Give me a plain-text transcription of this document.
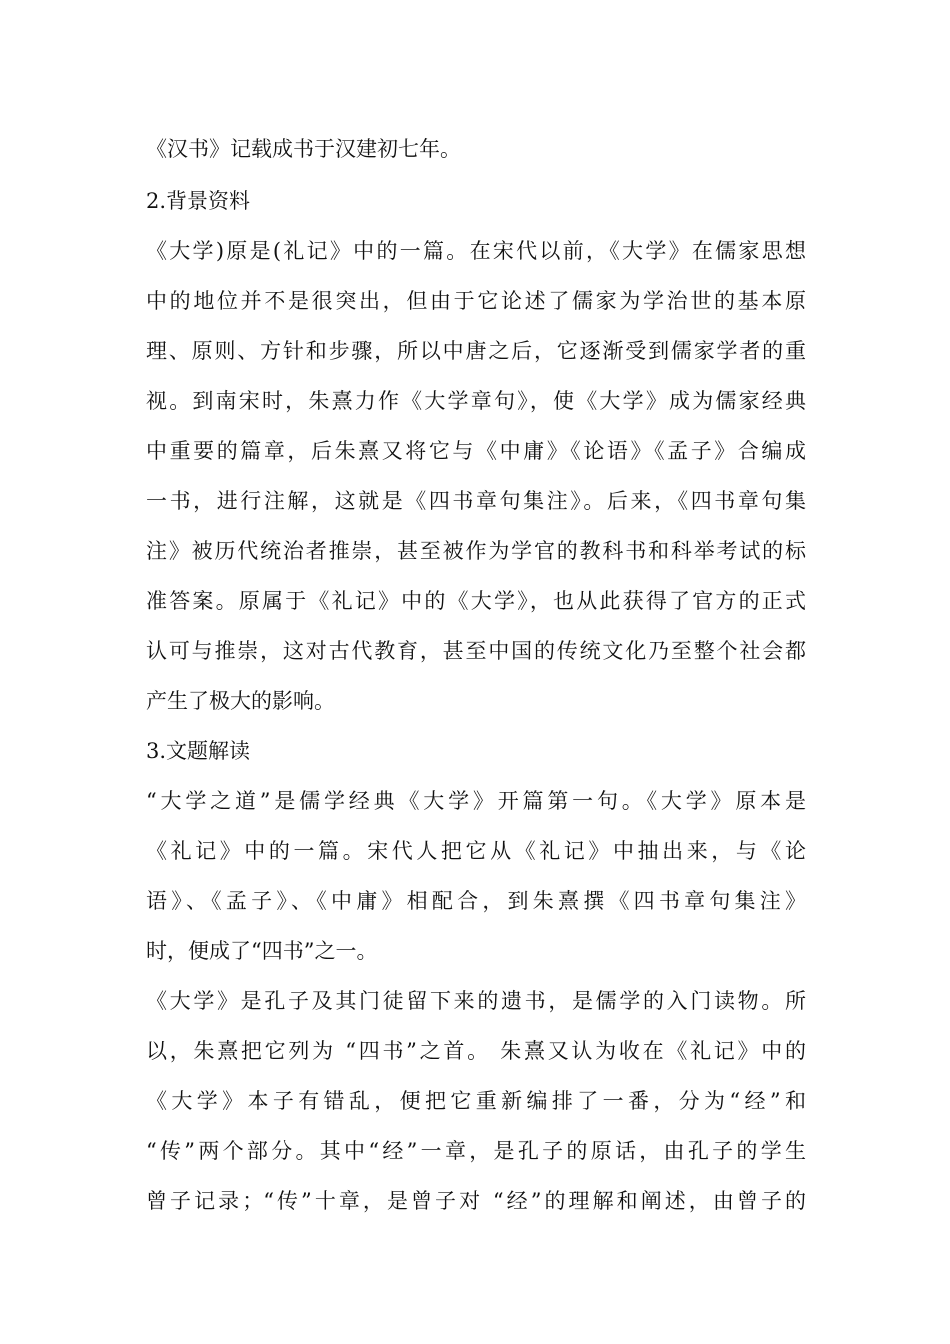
《汉书》记载成书于汉建初七年。
2.背景资料
《大学)原是(礼记》中的一篇。在宋代以前，《大学》在儒家思想
中的地位并不是很突出，但由于它论述了儒家为学治世的基本原
理、原则、方针和步骤，所以中唐之后，它逐渐受到儒家学者的重
视。到南宋时，朱熹力作《大学章句》，使《大学》成为儒家经典
中重要的篇章，后朱熹又将它与《中庸》《论语》《孟子》合编成
一书，进行注解，这就是《四书章句集注》。后来，《四书章句集
注》被历代统治者推崇，甚至被作为学官的教科书和科举考试的标
准答案。原属于《礼记》中的《大学》，也从此获得了官方的正式
认可与推崇，这对古代教育，甚至中国的传统文化乃至整个社会都
产生了极大的影响。
3.文题解读
“大学之道”是儒学经典《大学》开篇第一句。《大学》原本是
《礼记》中的一篇。宋代人把它从《礼记》中抽出来，与《论
语》、《孟子》、《中庸》相配合，到朱熹撰《四书章句集注》
时，便成了“四书”之一。
《大学》是孔子及其门徒留下来的遗书，是儒学的入门读物。所
以，朱熹把它列为 “四书”之首。 朱熹又认为收在《礼记》中的
《大学》本子有错乱，便把它重新编排了一番，分为“经”和
“传”两个部分。其中“经”一章，是孔子的原话，由孔子的学生
曾子记录；“传”十章，是曾子对 “经”的理解和阐述，由曾子的
